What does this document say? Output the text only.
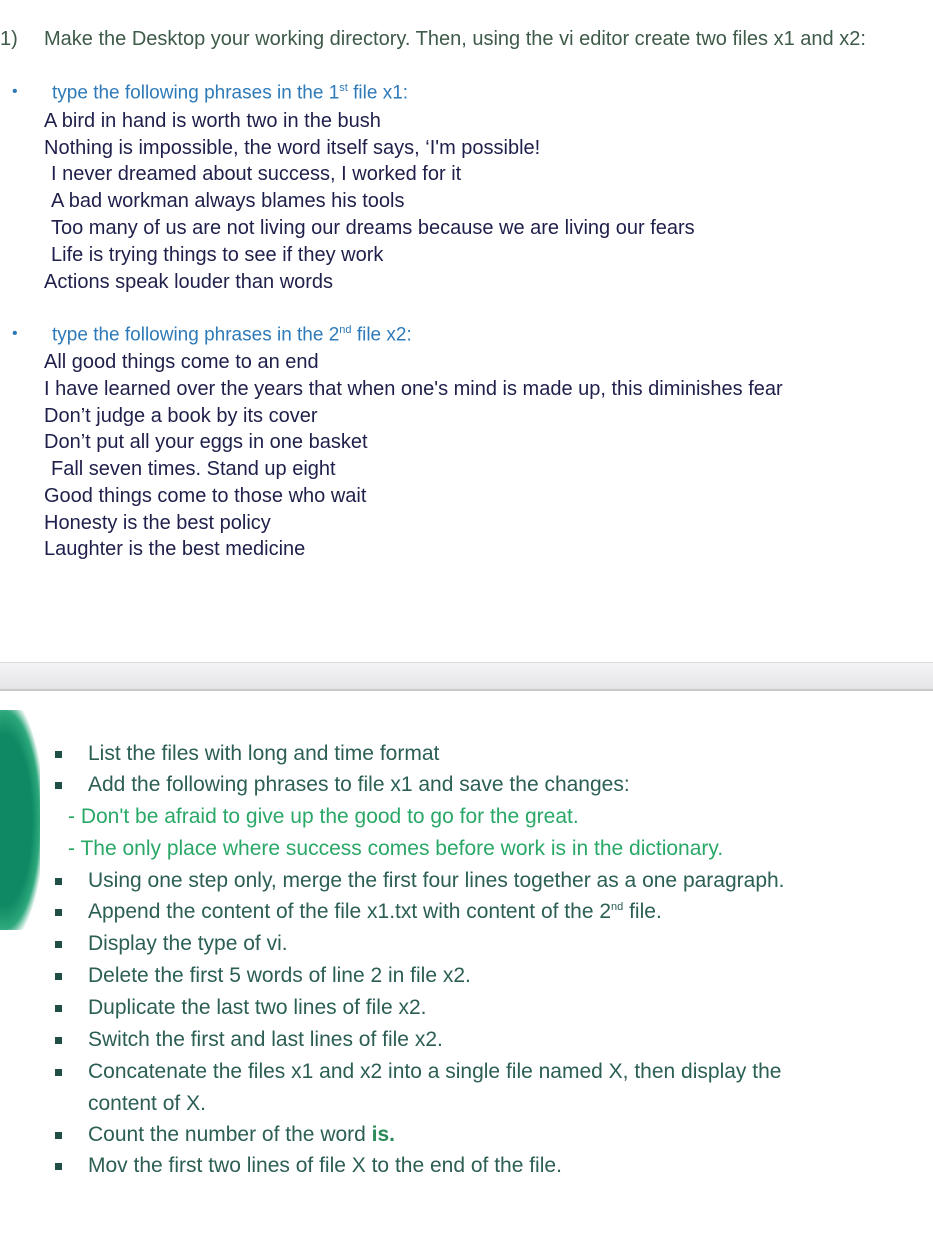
1) Make the Desktop your working directory. Then, using the vi editor create two files x1 and x2:
• type the following phrases in the 1st file x1:
A bird in hand is worth two in the bush
Nothing is impossible, the word itself says, ‘I'm possible!
I never dreamed about success, I worked for it
A bad workman always blames his tools
Too many of us are not living our dreams because we are living our fears
Life is trying things to see if they work
Actions speak louder than words
• type the following phrases in the 2nd file x2:
All good things come to an end
I have learned over the years that when one's mind is made up, this diminishes fear
Don’t judge a book by its cover
Don’t put all your eggs in one basket
Fall seven times. Stand up eight
Good things come to those who wait
Honesty is the best policy
Laughter is the best medicine
List the files with long and time format
Add the following phrases to file x1 and save the changes:
- Don't be afraid to give up the good to go for the great.
- The only place where success comes before work is in the dictionary.
Using one step only, merge the first four lines together as a one paragraph.
Append the content of the file x1.txt with content of the 2nd file.
Display the type of vi.
Delete the first 5 words of line 2 in file x2.
Duplicate the last two lines of file x2.
Switch the first and last lines of file x2.
Concatenate the files x1 and x2 into a single file named X, then display the
content of X.
Count the number of the word is.
Mov the first two lines of file X to the end of the file.
